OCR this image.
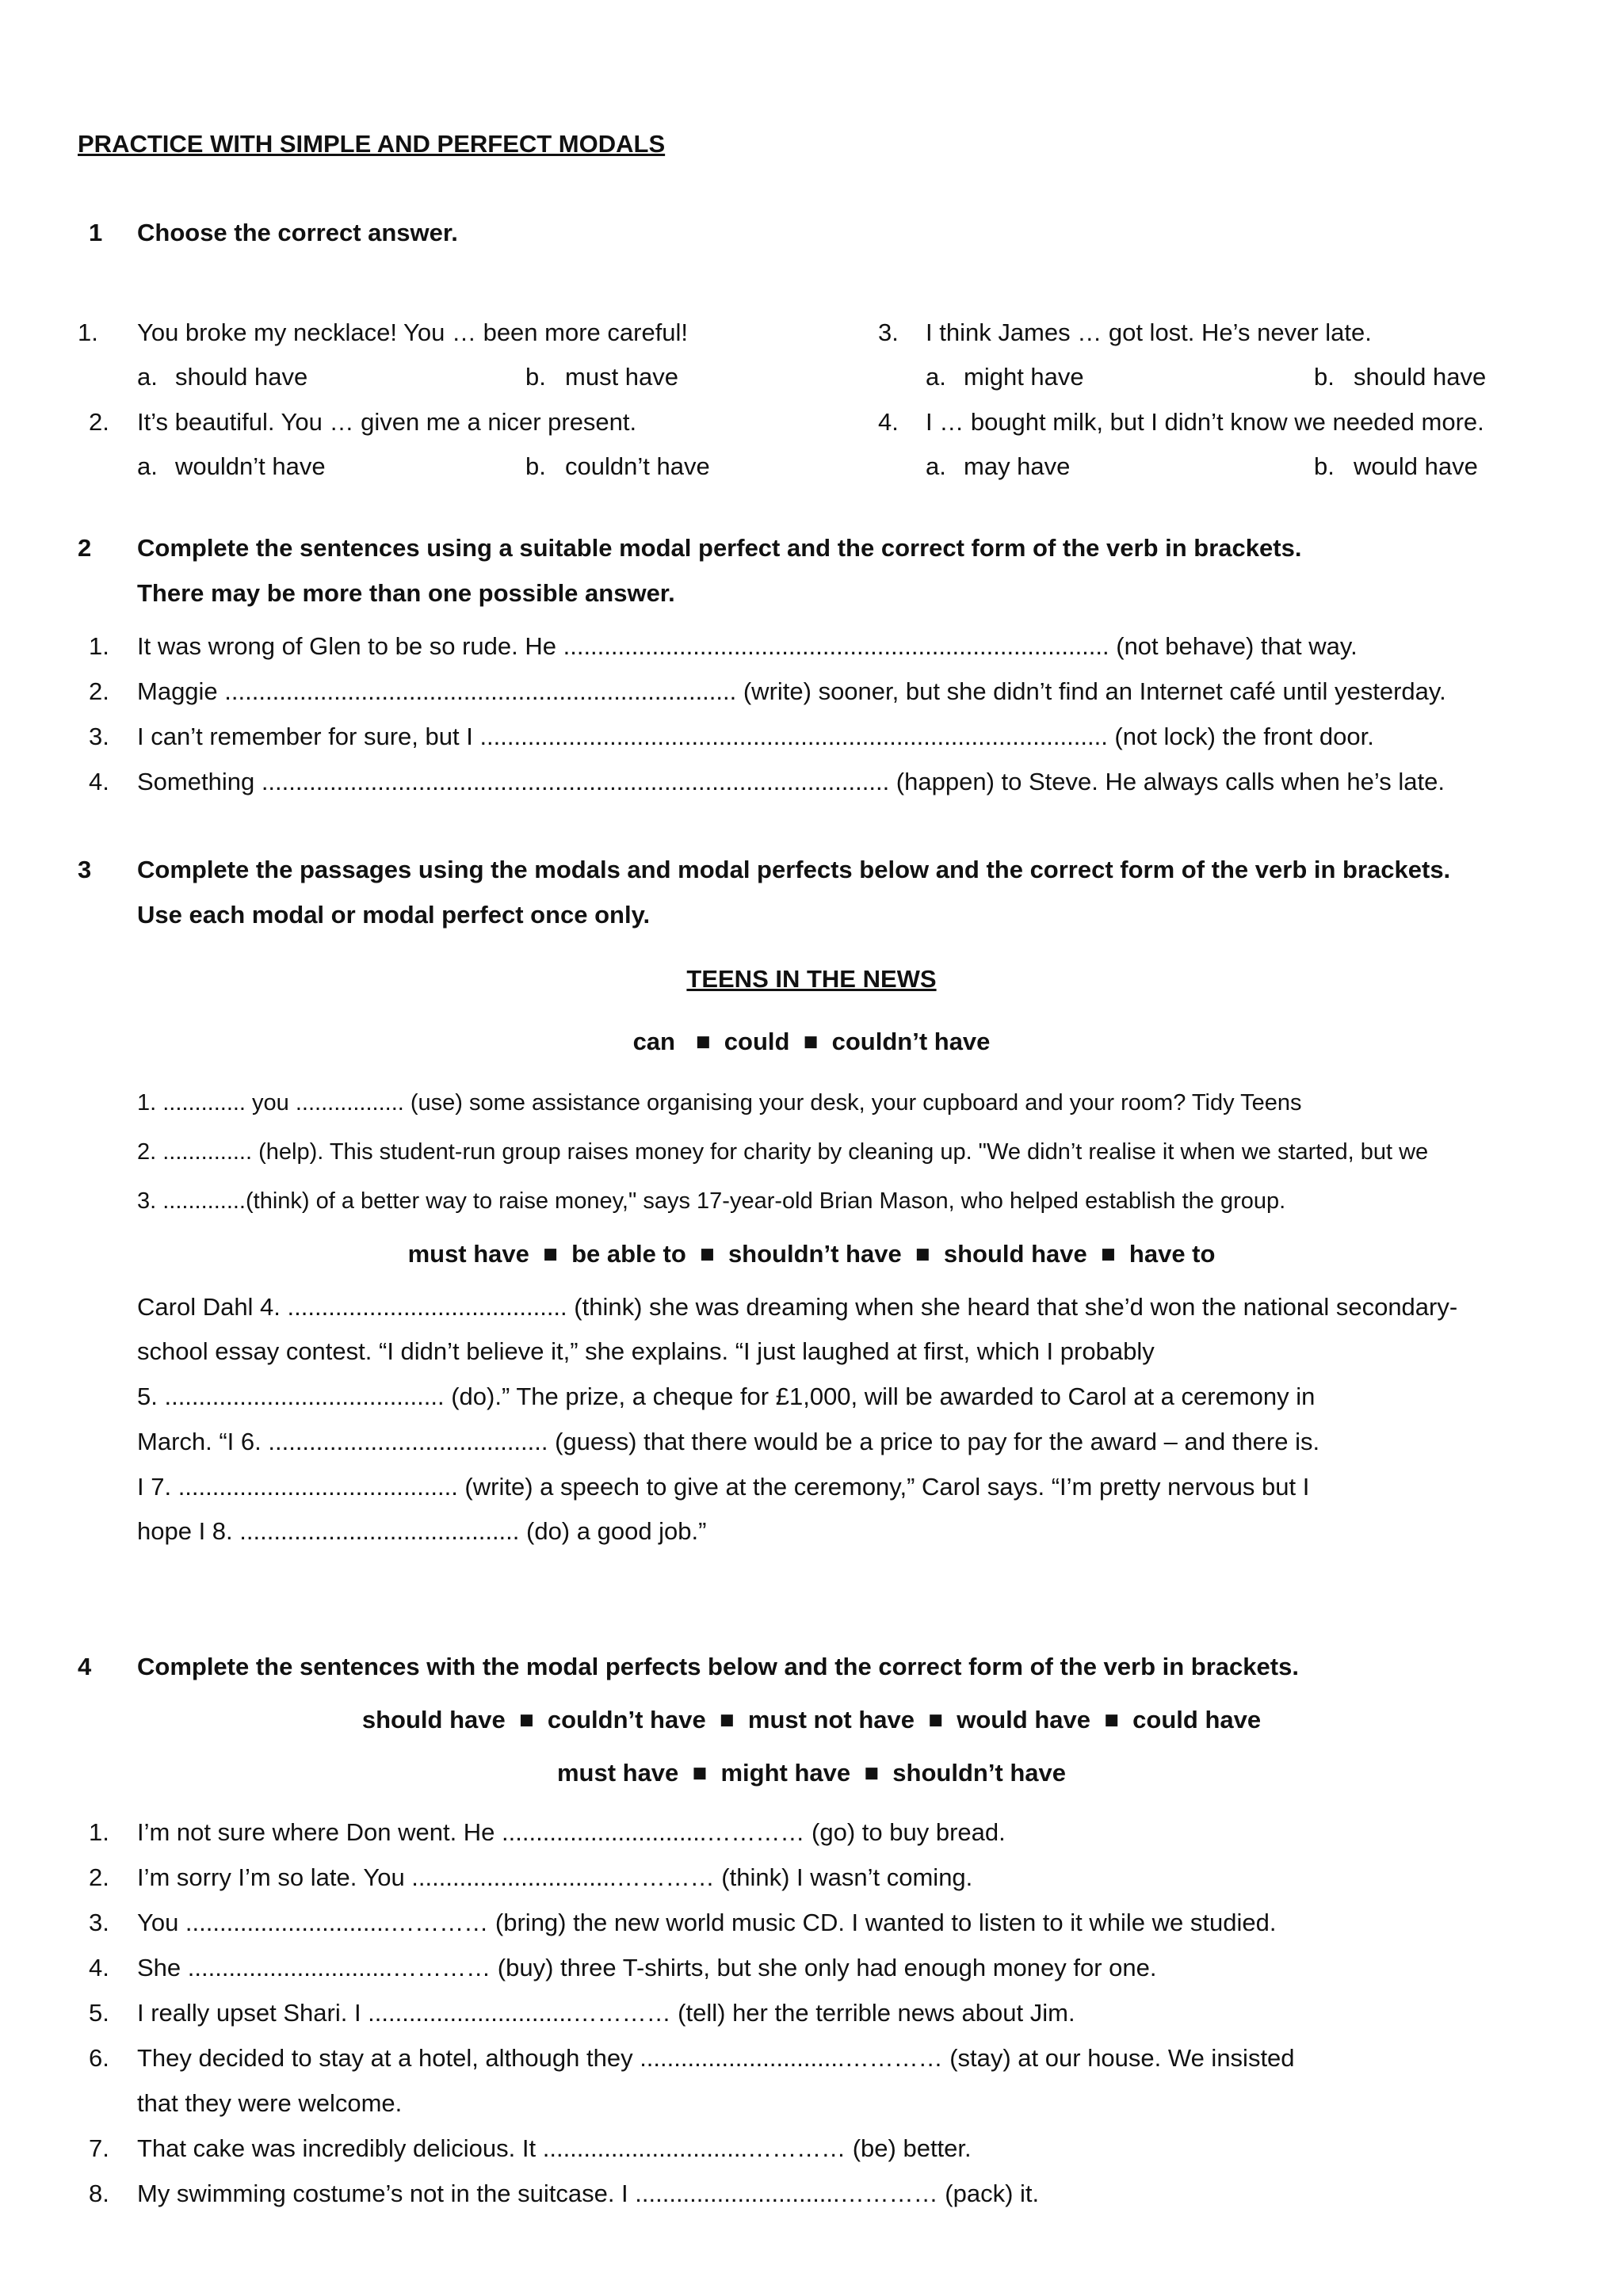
PRACTICE WITH SIMPLE AND PERFECT MODALS
1 Choose the correct answer.
1. You broke my necklace! You … been more careful!
a. should have	b. must have
2. It’s beautiful. You … given me a nicer present.
a. wouldn’t have	b. couldn’t have
3. I think James … got lost. He’s never late.
a. might have	b. should have
4. I … bought milk, but I didn’t know we needed more.
a. may have	b. would have
2 Complete the sentences using a suitable modal perfect and the correct form of the verb in brackets.
There may be more than one possible answer.
1. It was wrong of Glen to be so rude. He ................................................................................ (not behave) that way.
2. Maggie ........................................................................... (write) sooner, but she didn’t find an Internet café until yesterday.
3. I can’t remember for sure, but I ............................................................................................ (not lock) the front door.
4. Something ............................................................................................ (happen) to Steve. He always calls when he’s late.
3 Complete the passages using the modals and modal perfects below and the correct form of the verb in brackets.
Use each modal or modal perfect once only.
TEENS IN THE NEWS
can   ■  could  ■  couldn’t have
1. ............. you ................. (use) some assistance organising your desk, your cupboard and your room? Tidy Teens
2. .............. (help). This student-run group raises money for charity by cleaning up. "We didn’t realise it when we started, but we
3. .............(think) of a better way to raise money," says 17-year-old Brian Mason, who helped establish the group.
must have  ■  be able to  ■  shouldn’t have  ■  should have  ■  have to
Carol Dahl 4. ......................................... (think) she was dreaming when she heard that she’d won the national secondary-
school essay contest. “I didn’t believe it,” she explains. “I just laughed at first, which I probably
5. ......................................... (do).” The prize, a cheque for £1,000, will be awarded to Carol at a ceremony in
March. “I 6. ......................................... (guess) that there would be a price to pay for the award – and there is.
I 7. ......................................... (write) a speech to give at the ceremony,” Carol says. “I’m pretty nervous but I
hope I 8. ......................................... (do) a good job.”
4 Complete the sentences with the modal perfects below and the correct form of the verb in brackets.
should have  ■  couldn’t have  ■  must not have  ■  would have  ■  could have
must have  ■  might have  ■  shouldn’t have
1. I’m not sure where Don went. He ..............................………… (go) to buy bread.
2. I’m sorry I’m so late. You ..............................………… (think) I wasn’t coming.
3. You ..............................………… (bring) the new world music CD. I wanted to listen to it while we studied.
4. She ..............................………… (buy) three T-shirts, but she only had enough money for one.
5. I really upset Shari. I ..............................………… (tell) her the terrible news about Jim.
6. They decided to stay at a hotel, although they ..............................………… (stay) at our house. We insisted
that they were welcome.
7. That cake was incredibly delicious. It ..............................………… (be) better.
8. My swimming costume’s not in the suitcase. I ..............................………… (pack) it.
